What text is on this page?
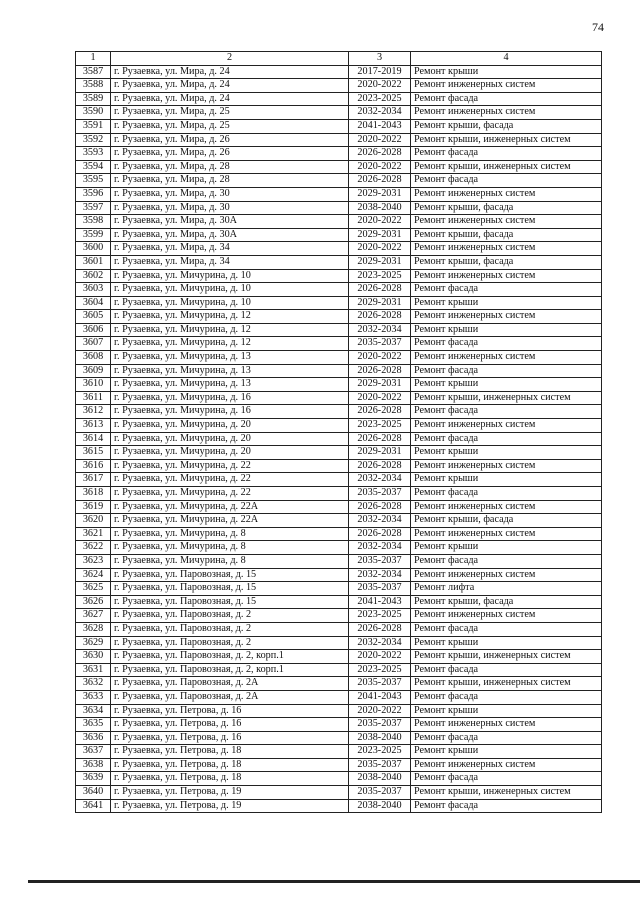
74
1	2	3	4
3587	г. Рузаевка, ул. Мира, д. 24	2017-2019	Ремонт крыши
3588	г. Рузаевка, ул. Мира, д. 24	2020-2022	Ремонт инженерных систем
3589	г. Рузаевка, ул. Мира, д. 24	2023-2025	Ремонт фасада
3590	г. Рузаевка, ул. Мира, д. 25	2032-2034	Ремонт инженерных систем
3591	г. Рузаевка, ул. Мира, д. 25	2041-2043	Ремонт крыши, фасада
3592	г. Рузаевка, ул. Мира, д. 26	2020-2022	Ремонт крыши, инженерных систем
3593	г. Рузаевка, ул. Мира, д. 26	2026-2028	Ремонт фасада
3594	г. Рузаевка, ул. Мира, д. 28	2020-2022	Ремонт крыши, инженерных систем
3595	г. Рузаевка, ул. Мира, д. 28	2026-2028	Ремонт фасада
3596	г. Рузаевка, ул. Мира, д. 30	2029-2031	Ремонт инженерных систем
3597	г. Рузаевка, ул. Мира, д. 30	2038-2040	Ремонт крыши, фасада
3598	г. Рузаевка, ул. Мира, д. 30А	2020-2022	Ремонт инженерных систем
3599	г. Рузаевка, ул. Мира, д. 30А	2029-2031	Ремонт крыши, фасада
3600	г. Рузаевка, ул. Мира, д. 34	2020-2022	Ремонт инженерных систем
3601	г. Рузаевка, ул. Мира, д. 34	2029-2031	Ремонт крыши, фасада
3602	г. Рузаевка, ул. Мичурина, д. 10	2023-2025	Ремонт инженерных систем
3603	г. Рузаевка, ул. Мичурина, д. 10	2026-2028	Ремонт фасада
3604	г. Рузаевка, ул. Мичурина, д. 10	2029-2031	Ремонт крыши
3605	г. Рузаевка, ул. Мичурина, д. 12	2026-2028	Ремонт инженерных систем
3606	г. Рузаевка, ул. Мичурина, д. 12	2032-2034	Ремонт крыши
3607	г. Рузаевка, ул. Мичурина, д. 12	2035-2037	Ремонт фасада
3608	г. Рузаевка, ул. Мичурина, д. 13	2020-2022	Ремонт инженерных систем
3609	г. Рузаевка, ул. Мичурина, д. 13	2026-2028	Ремонт фасада
3610	г. Рузаевка, ул. Мичурина, д. 13	2029-2031	Ремонт крыши
3611	г. Рузаевка, ул. Мичурина, д. 16	2020-2022	Ремонт крыши, инженерных систем
3612	г. Рузаевка, ул. Мичурина, д. 16	2026-2028	Ремонт фасада
3613	г. Рузаевка, ул. Мичурина, д. 20	2023-2025	Ремонт инженерных систем
3614	г. Рузаевка, ул. Мичурина, д. 20	2026-2028	Ремонт фасада
3615	г. Рузаевка, ул. Мичурина, д. 20	2029-2031	Ремонт крыши
3616	г. Рузаевка, ул. Мичурина, д. 22	2026-2028	Ремонт инженерных систем
3617	г. Рузаевка, ул. Мичурина, д. 22	2032-2034	Ремонт крыши
3618	г. Рузаевка, ул. Мичурина, д. 22	2035-2037	Ремонт фасада
3619	г. Рузаевка, ул. Мичурина, д. 22А	2026-2028	Ремонт инженерных систем
3620	г. Рузаевка, ул. Мичурина, д. 22А	2032-2034	Ремонт крыши, фасада
3621	г. Рузаевка, ул. Мичурина, д. 8	2026-2028	Ремонт инженерных систем
3622	г. Рузаевка, ул. Мичурина, д. 8	2032-2034	Ремонт крыши
3623	г. Рузаевка, ул. Мичурина, д. 8	2035-2037	Ремонт фасада
3624	г. Рузаевка, ул. Паровозная, д. 15	2032-2034	Ремонт инженерных систем
3625	г. Рузаевка, ул. Паровозная, д. 15	2035-2037	Ремонт лифта
3626	г. Рузаевка, ул. Паровозная, д. 15	2041-2043	Ремонт крыши, фасада
3627	г. Рузаевка, ул. Паровозная, д. 2	2023-2025	Ремонт инженерных систем
3628	г. Рузаевка, ул. Паровозная, д. 2	2026-2028	Ремонт фасада
3629	г. Рузаевка, ул. Паровозная, д. 2	2032-2034	Ремонт крыши
3630	г. Рузаевка, ул. Паровозная, д. 2, корп.1	2020-2022	Ремонт крыши, инженерных систем
3631	г. Рузаевка, ул. Паровозная, д. 2, корп.1	2023-2025	Ремонт фасада
3632	г. Рузаевка, ул. Паровозная, д. 2А	2035-2037	Ремонт крыши, инженерных систем
3633	г. Рузаевка, ул. Паровозная, д. 2А	2041-2043	Ремонт фасада
3634	г. Рузаевка, ул. Петрова, д. 16	2020-2022	Ремонт крыши
3635	г. Рузаевка, ул. Петрова, д. 16	2035-2037	Ремонт инженерных систем
3636	г. Рузаевка, ул. Петрова, д. 16	2038-2040	Ремонт фасада
3637	г. Рузаевка, ул. Петрова, д. 18	2023-2025	Ремонт крыши
3638	г. Рузаевка, ул. Петрова, д. 18	2035-2037	Ремонт инженерных систем
3639	г. Рузаевка, ул. Петрова, д. 18	2038-2040	Ремонт фасада
3640	г. Рузаевка, ул. Петрова, д. 19	2035-2037	Ремонт крыши, инженерных систем
3641	г. Рузаевка, ул. Петрова, д. 19	2038-2040	Ремонт фасада
